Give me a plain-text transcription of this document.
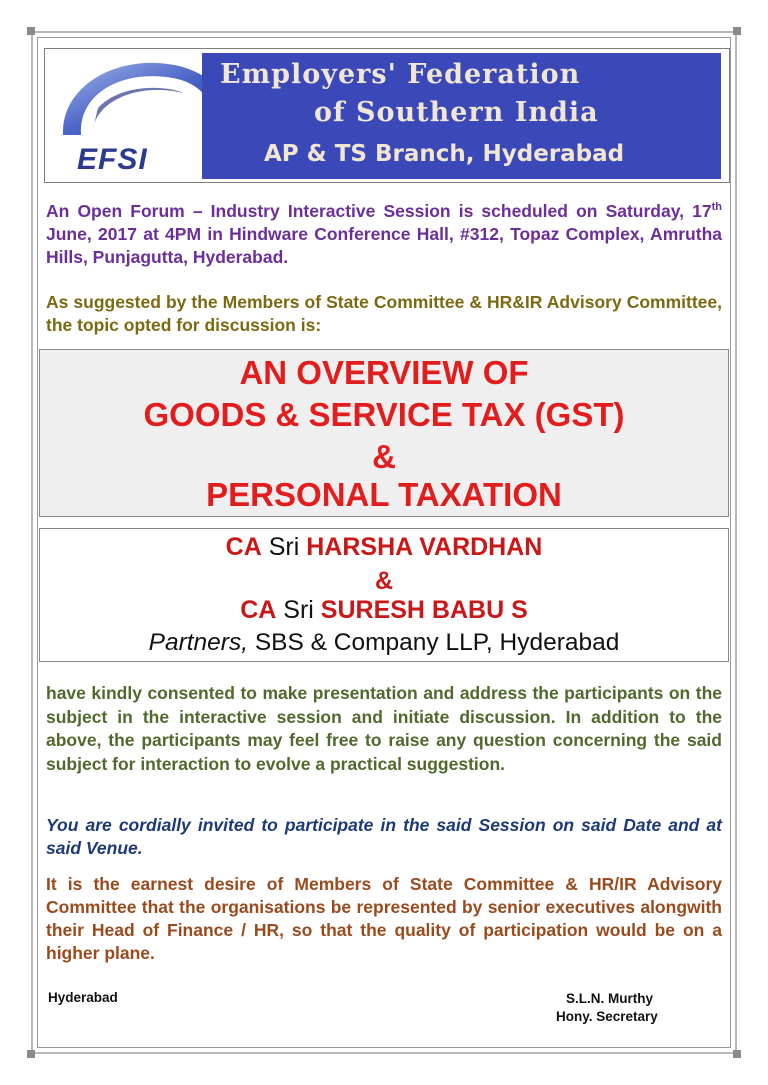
EFSI
Employers' Federation
of Southern India
AP & TS Branch, Hyderabad
An Open Forum – Industry Interactive Session is scheduled on Saturday, 17th June, 2017 at 4PM in Hindware Conference Hall, #312, Topaz Complex, Amrutha Hills, Punjagutta, Hyderabad.
As suggested by the Members of State Committee & HR&IR Advisory Committee, the topic opted for discussion is:
AN OVERVIEW OF
GOODS & SERVICE TAX (GST)
&
PERSONAL TAXATION
CA Sri HARSHA VARDHAN
&
CA Sri SURESH BABU S
Partners, SBS & Company LLP, Hyderabad
have kindly consented to make presentation and address the participants on the subject in the interactive session and initiate discussion. In addition to the above, the participants may feel free to raise any question concerning the said subject for interaction to evolve a practical suggestion.
You are cordially invited to participate in the said Session on said Date and at said Venue.
It is the earnest desire of Members of State Committee & HR/IR Advisory Committee that the organisations be represented by senior executives alongwith their Head of Finance / HR, so that the quality of participation would be on a higher plane.
Hyderabad	S.L.N. Murthy
Hony. Secretary
